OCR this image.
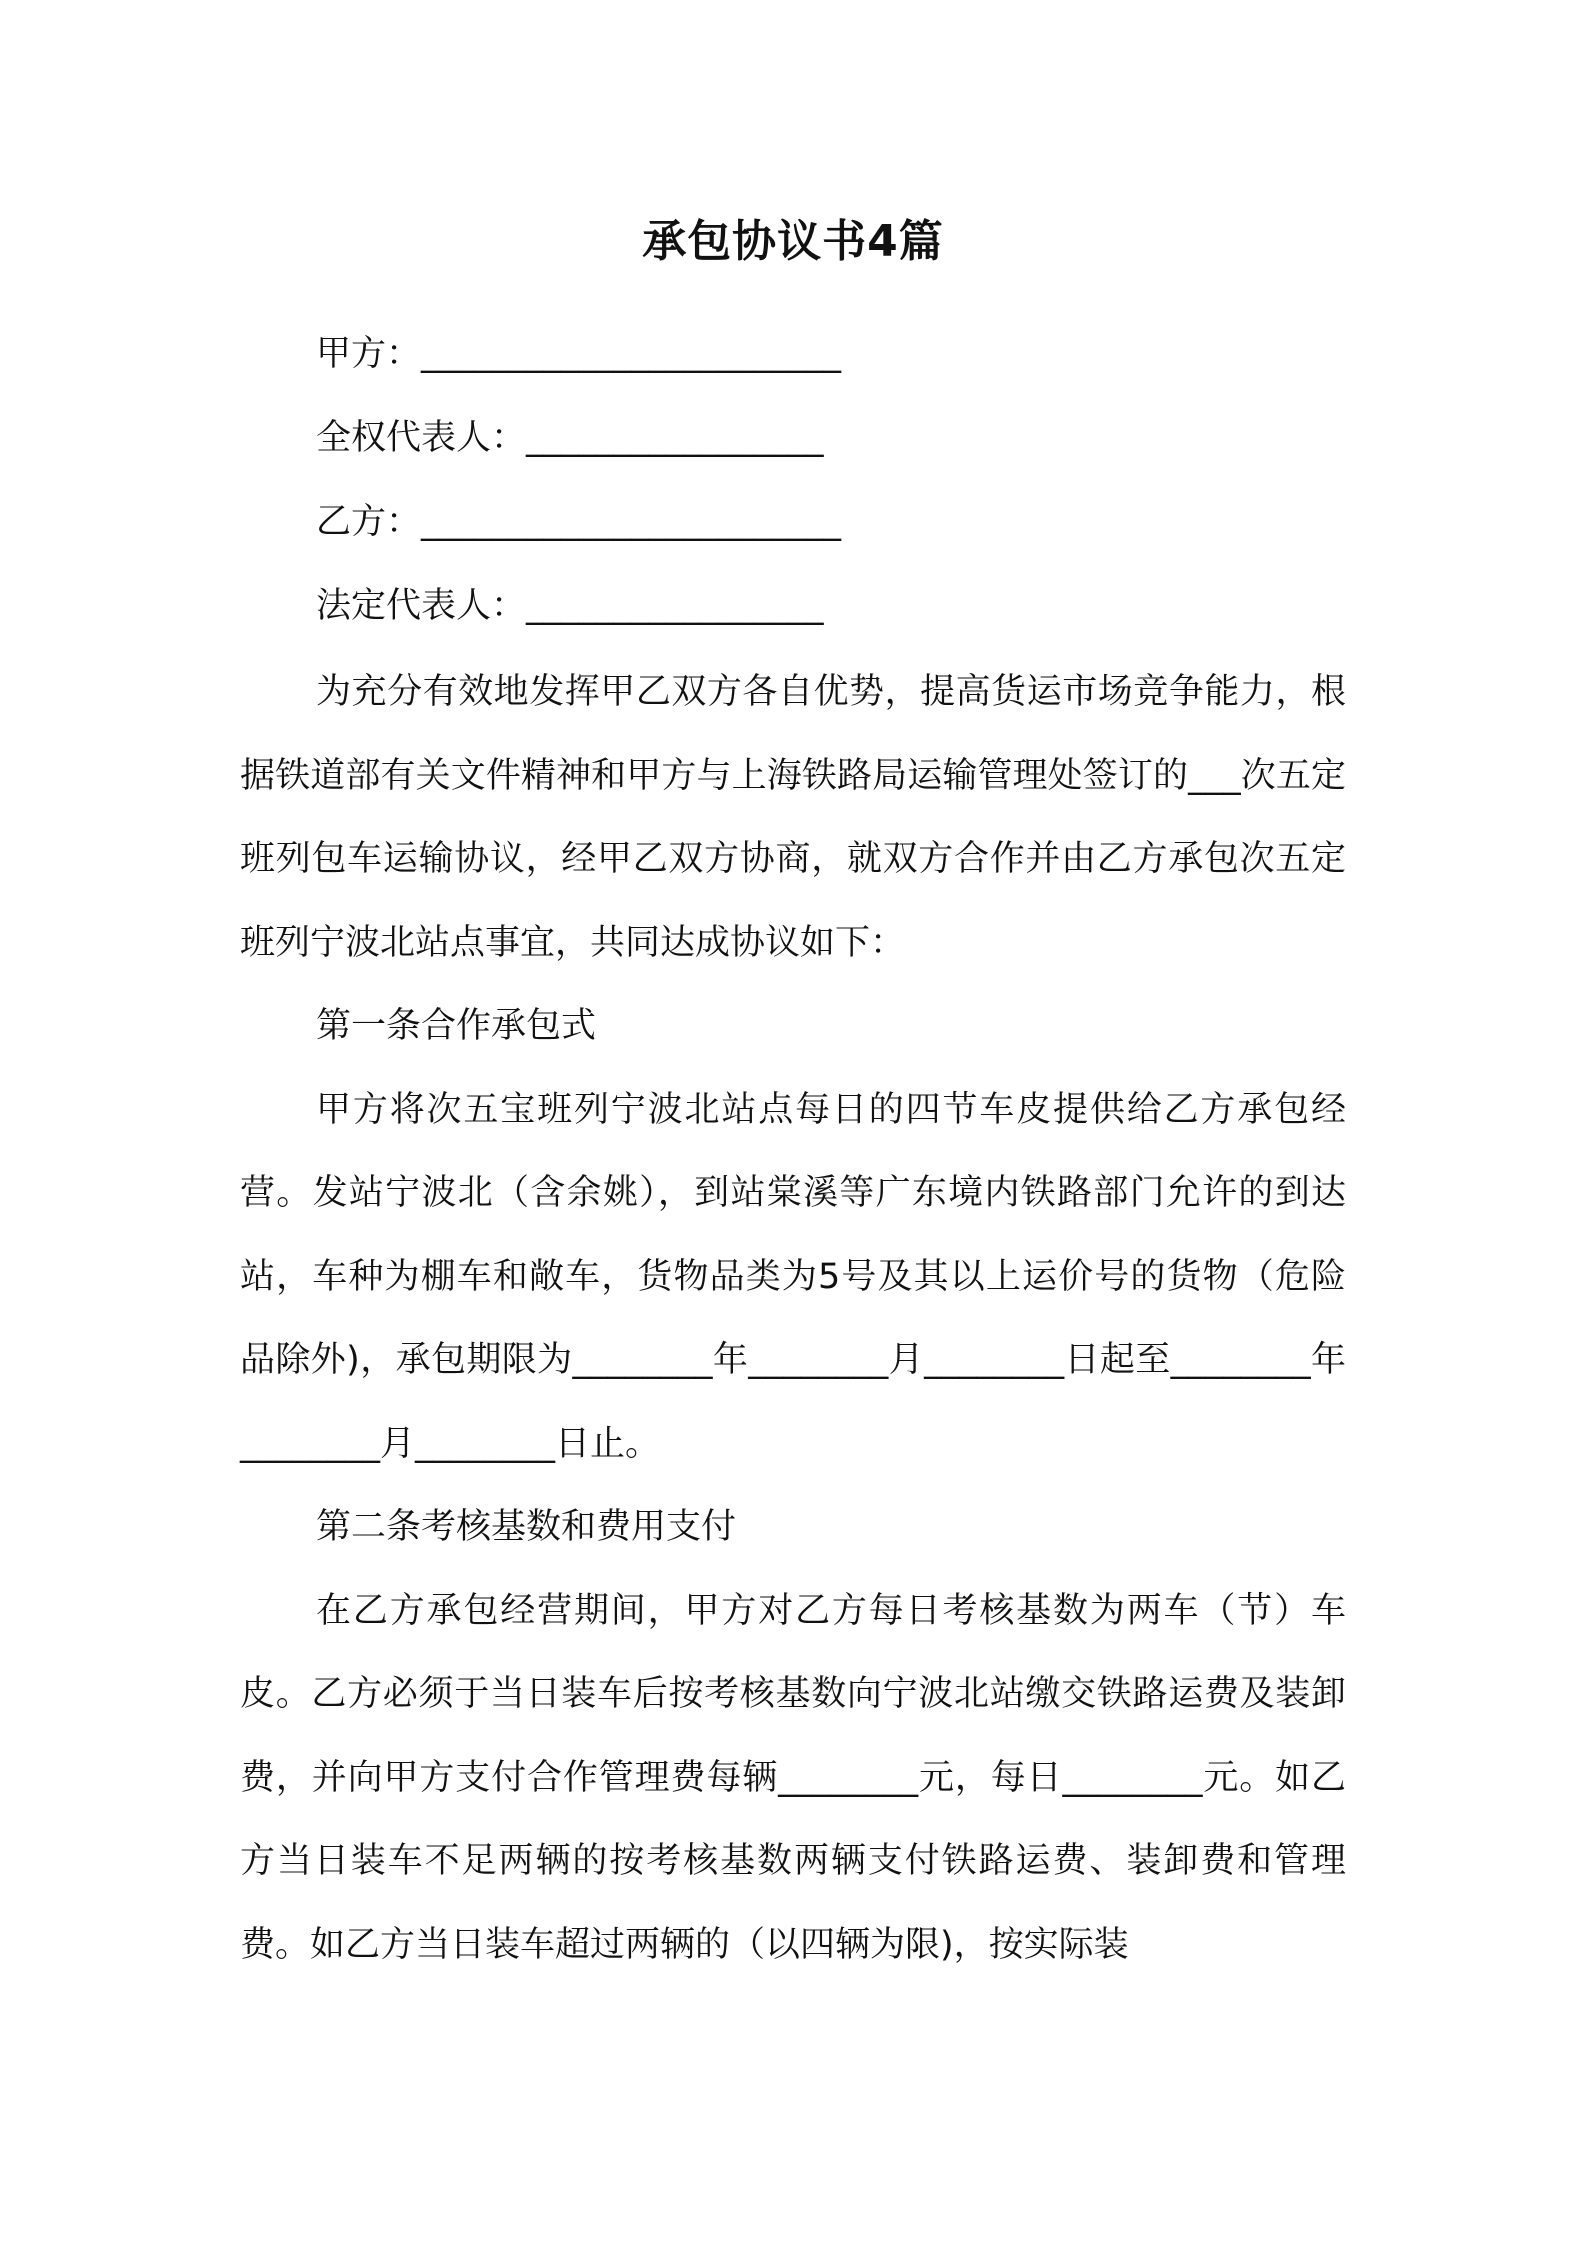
承包协议书4篇
甲方：________________________
全权代表人：_________________
乙方：________________________
法定代表人：_________________

为充分有效地发挥甲乙双方各自优势，提高货运市场竞争能力，根据铁道部有关文件精神和甲方与上海铁路局运输管理处签订的___次五定班列包车运输协议，经甲乙双方协商，就双方合作并由乙方承包次五定班列宁波北站点事宜，共同达成协议如下：

第一条合作承包式

甲方将次五宝班列宁波北站点每日的四节车皮提供给乙方承包经营。发站宁波北（含余姚），到站棠溪等广东境内铁路部门允许的到达站，车种为棚车和敞车，货物品类为5号及其以上运价号的货物（危险品除外)，承包期限为________年________月________日起至________年________月________日止。

第二条考核基数和费用支付

在乙方承包经营期间，甲方对乙方每日考核基数为两车（节）车皮。乙方必须于当日装车后按考核基数向宁波北站缴交铁路运费及装卸费，并向甲方支付合作管理费每辆________元，每日________元。如乙方当日装车不足两辆的按考核基数两辆支付铁路运费、装卸费和管理费。如乙方当日装车超过两辆的（以四辆为限)，按实际装
